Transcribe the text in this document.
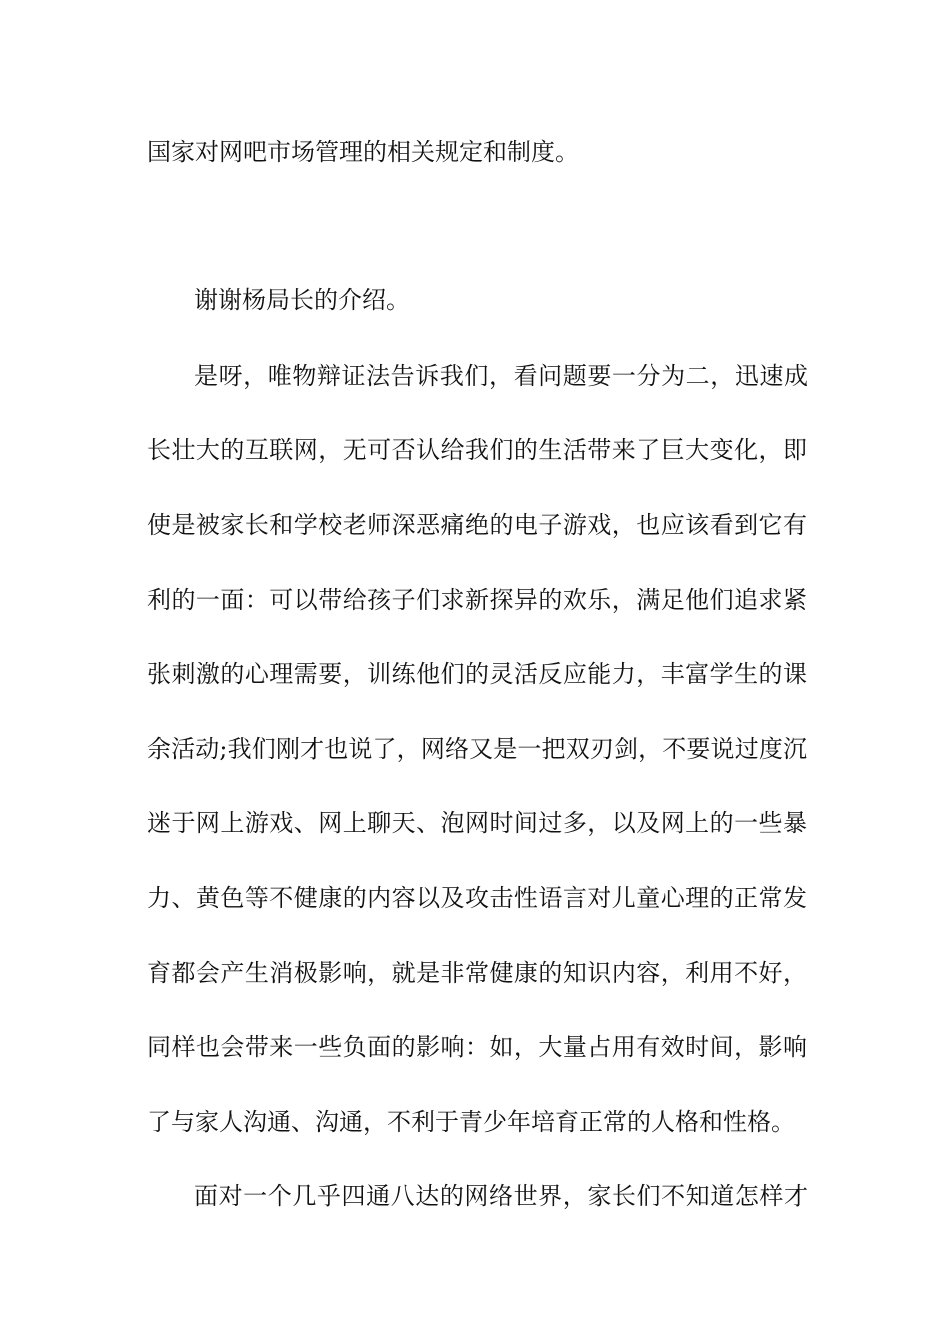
国家对网吧市场管理的相关规定和制度。
谢谢杨局长的介绍。
是呀，唯物辩证法告诉我们，看问题要一分为二，迅速成
长壮大的互联网，无可否认给我们的生活带来了巨大变化，即
使是被家长和学校老师深恶痛绝的电子游戏，也应该看到它有
利的一面：可以带给孩子们求新探异的欢乐，满足他们追求紧
张刺激的心理需要，训练他们的灵活反应能力，丰富学生的课
余活动;我们刚才也说了，网络又是一把双刃剑，不要说过度沉
迷于网上游戏、网上聊天、泡网时间过多，以及网上的一些暴
力、黄色等不健康的内容以及攻击性语言对儿童心理的正常发
育都会产生消极影响，就是非常健康的知识内容，利用不好，
同样也会带来一些负面的影响：如，大量占用有效时间，影响
了与家人沟通、沟通，不利于青少年培育正常的人格和性格。
面对一个几乎四通八达的网络世界，家长们不知道怎样才
